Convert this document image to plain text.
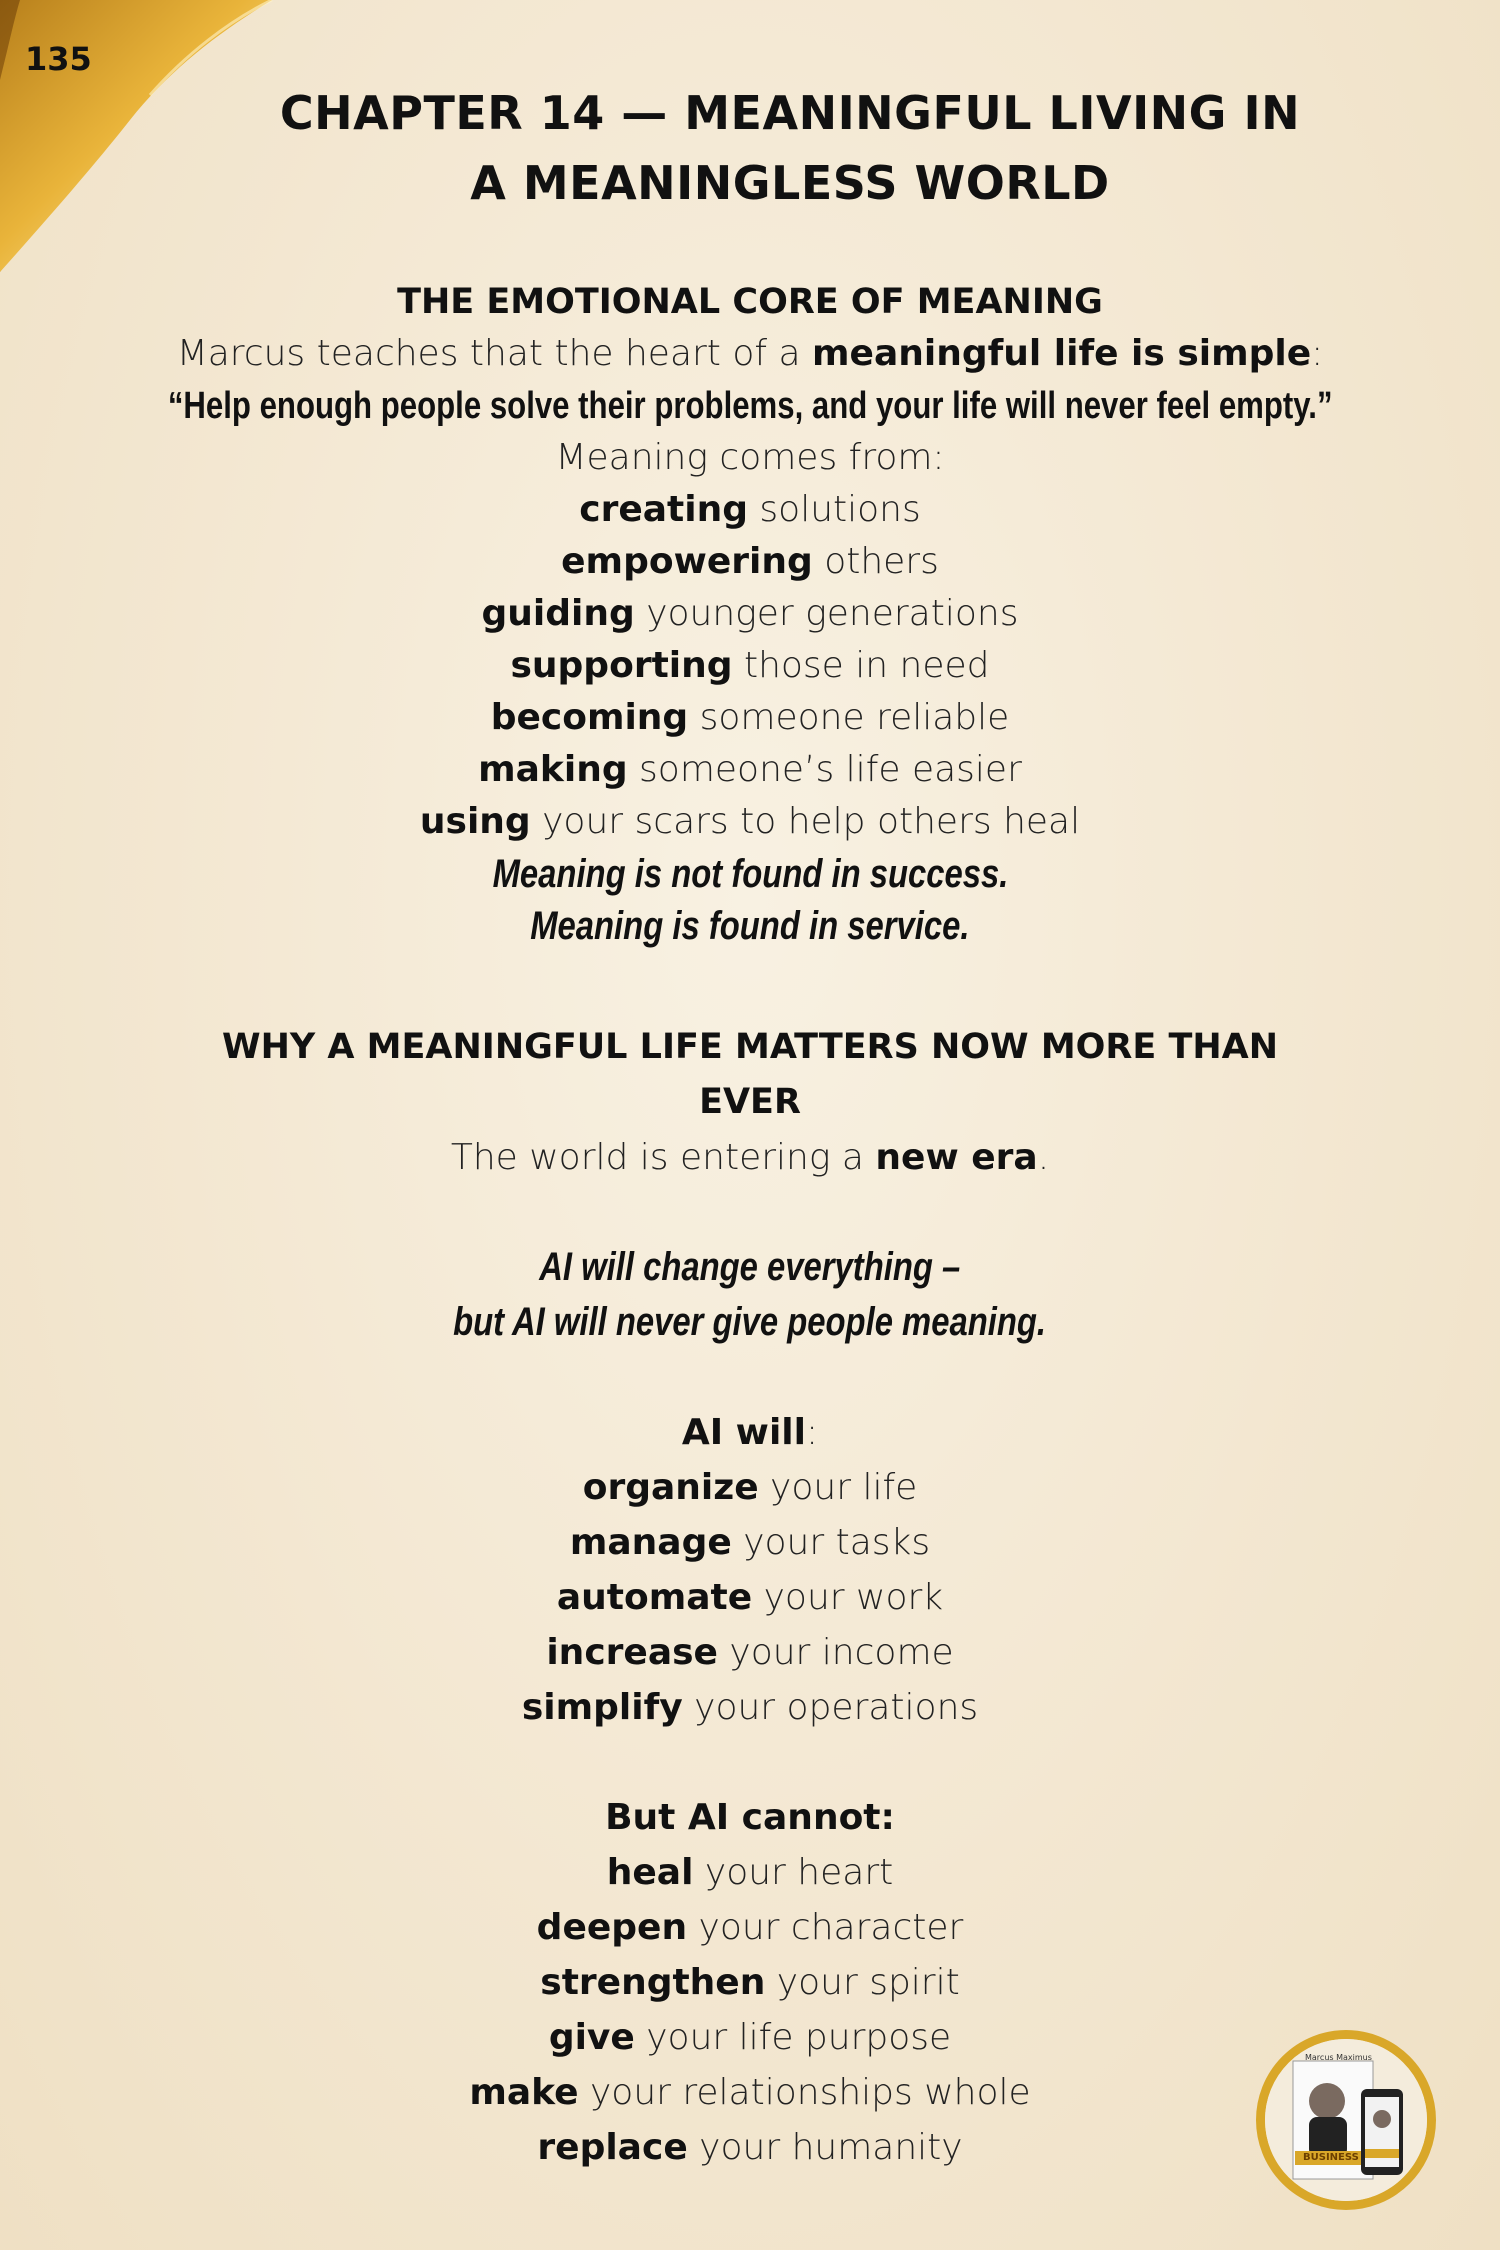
135
CHAPTER 14 — MEANINGFUL LIVING IN
A MEANINGLESS WORLD
THE EMOTIONAL CORE OF MEANING
Marcus teaches that the heart of a meaningful life is simple:
“Help enough people solve their problems, and your life will never feel empty.”
Meaning comes from:
creating solutions
empowering others
guiding younger generations
supporting those in need
becoming someone reliable
making someone’s life easier
using your scars to help others heal
Meaning is not found in success.
Meaning is found in service.
WHY A MEANINGFUL LIFE MATTERS NOW MORE THAN
EVER
The world is entering a new era.
AI will change everything –
but AI will never give people meaning.
AI will:
organize your life
manage your tasks
automate your work
increase your income
simplify your operations
But AI cannot:
heal your heart
deepen your character
strengthen your spirit
give your life purpose
make your relationships whole
replace your humanity
Marcus Maximus
BUSINESS
